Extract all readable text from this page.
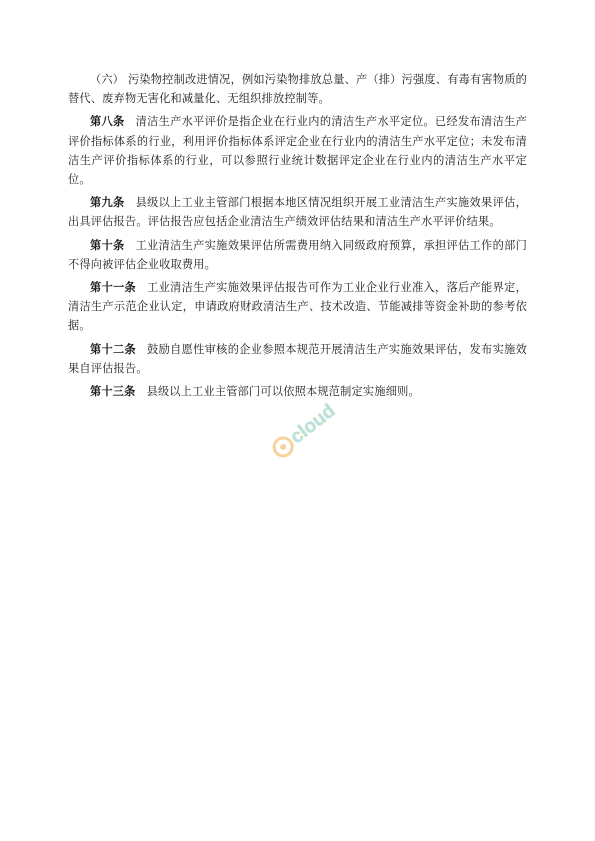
（六） 污染物控制改进情况，例如污染物排放总量、产（排）污强度、有毒有害物质的替代、废弃物无害化和减量化、无组织排放控制等。

第八条 清洁生产水平评价是指企业在行业内的清洁生产水平定位。已经发布清洁生产评价指标体系的行业，利用评价指标体系评定企业在行业内的清洁生产水平定位；未发布清洁生产评价指标体系的行业，可以参照行业统计数据评定企业在行业内的清洁生产水平定位。

第九条 县级以上工业主管部门根据本地区情况组织开展工业清洁生产实施效果评估，出具评估报告。评估报告应包括企业清洁生产绩效评估结果和清洁生产水平评价结果。

第十条 工业清洁生产实施效果评估所需费用纳入同级政府预算，承担评估工作的部门不得向被评估企业收取费用。

第十一条 工业清洁生产实施效果评估报告可作为工业企业行业准入，落后产能界定，清洁生产示范企业认定，申请政府财政清洁生产、技术改造、节能减排等资金补助的参考依据。

第十二条 鼓励自愿性审核的企业参照本规范开展清洁生产实施效果评估，发布实施效果自评估报告。

第十三条 县级以上工业主管部门可以依照本规范制定实施细则。

cloud
